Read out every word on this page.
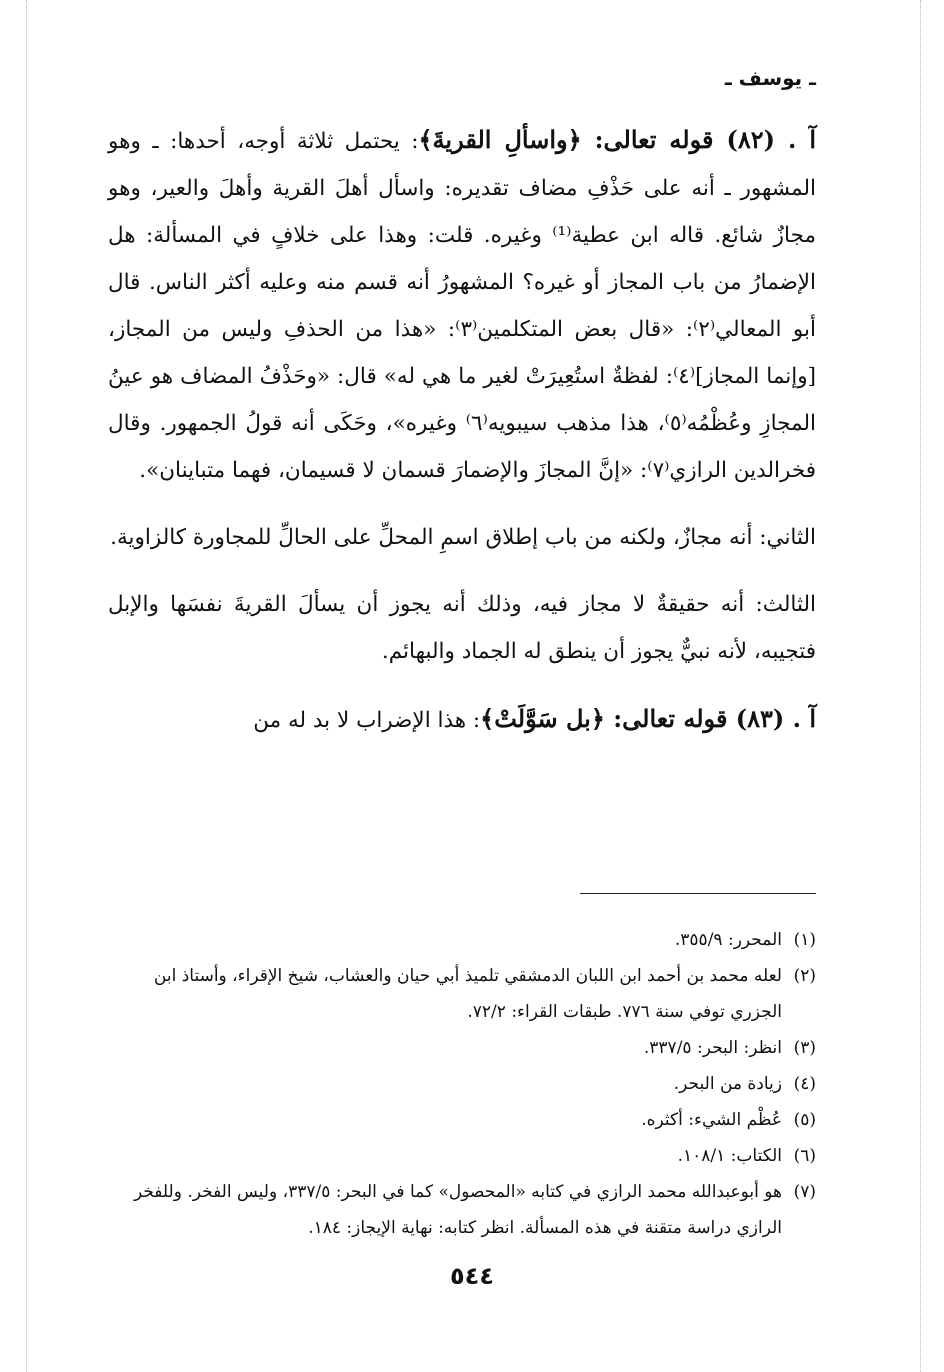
ـ يوسف ـ

آ . (٨٢) قوله تعالى: ﴿واسألِ القريةَ﴾: يحتمل ثلاثة أوجه، أحدها: ـ وهو المشهور ـ أنه على حَذْفِ مضاف تقديره: واسأل أهلَ القرية وأهلَ والعير، وهو مجازٌ شائع. قاله ابن عطية⁽¹⁾ وغيره. قلت: وهذا على خلافٍ في المسألة: هل الإضمارُ من باب المجاز أو غيره؟ المشهورُ أنه قسم منه وعليه أكثر الناس. قال أبو المعالي⁽٢⁾: «قال بعض المتكلمين⁽٣⁾: «هذا من الحذفِ وليس من المجاز، [وإنما المجاز]⁽٤⁾: لفظةٌ استُعِيرَتْ لغير ما هي له» قال: «وحَذْفُ المضاف هو عينُ المجازِ وعُظْمُه⁽٥⁾، هذا مذهب سيبويه⁽٦⁾ وغيره»، وحَكَى أنه قولُ الجمهور. وقال فخرالدين الرازي⁽٧⁾: «إنَّ المجازَ والإضمارَ قسمان لا قسيمان، فهما متباينان».

الثاني: أنه مجازٌ، ولكنه من باب إطلاق اسمِ المحلِّ على الحالِّ للمجاورة كالزاوية.

الثالث: أنه حقيقةٌ لا مجاز فيه، وذلك أنه يجوز أن يسألَ القريةَ نفسَها والإبل فتجيبه، لأنه نبيٌّ يجوز أن ينطق له الجماد والبهائم.

آ . (٨٣) قوله تعالى: ﴿بل سَوَّلَتْ﴾: هذا الإضراب لا بد له من

(١)المحرر: ٣٥٥/٩.

(٢)لعله محمد بن أحمد ابن اللبان الدمشقي تلميذ أبي حيان والعشاب، شيخ الإقراء، وأستاذ ابن الجزري توفي سنة ٧٧٦. طبقات القراء: ٧٢/٢.

(٣)انظر: البحر: ٣٣٧/٥.

(٤)زيادة من البحر.

(٥)عُظْم الشيء: أكثره.

(٦)الكتاب: ١٠٨/١.

(٧)هو أبوعبدالله محمد الرازي في كتابه «المحصول» كما في البحر: ٣٣٧/٥، وليس الفخر. وللفخر الرازي دراسة متقنة في هذه المسألة. انظر كتابه: نهاية الإيجاز: ١٨٤.

٥٤٤
